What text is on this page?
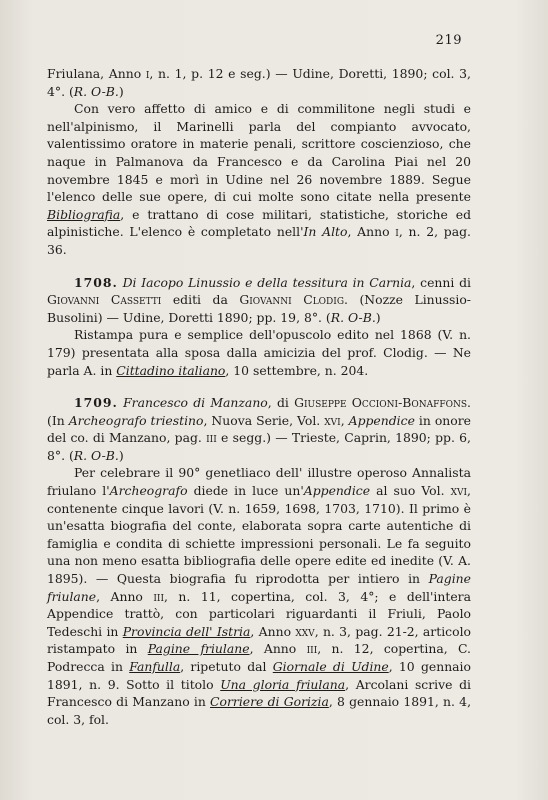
219

Friulana, Anno i, n. 1, p. 12 e seg.) — Udine, Doretti, 1890; col. 3, 4°. (R. O-B.)

Con vero affetto di amico e di commilitone negli studi e nell'alpinismo, il Marinelli parla del compianto avvocato, valentissimo oratore in materie penali, scrittore coscienzioso, che naque in Palmanova da Francesco e da Carolina Piai nel 20 novembre 1845 e morì in Udine nel 26 novembre 1889. Segue l'elenco delle sue opere, di cui molte sono citate nella presente Bibliografia, e trattano di cose militari, statistiche, storiche ed alpinistiche. L'elenco è completato nell'In Alto, Anno i, n. 2, pag. 36.

1708. Di Iacopo Linussio e della tessitura in Carnia, cenni di Giovanni Cassetti editi da Giovanni Clodig. (Nozze Linussio-Busolini) — Udine, Doretti 1890; pp. 19, 8°. (R. O-B.)

Ristampa pura e semplice dell'opuscolo edito nel 1868 (V. n. 179) presentata alla sposa dalla amicizia del prof. Clodig. — Ne parla A. in Cittadino italiano, 10 settembre, n. 204.

1709. Francesco di Manzano, di Giuseppe Occioni-Bonaffons. (In Archeografo triestino, Nuova Serie, Vol. xvi, Appendice in onore del co. di Manzano, pag. iii e segg.) — Trieste, Caprin, 1890; pp. 6, 8°. (R. O-B.)

Per celebrare il 90° genetliaco dell' illustre operoso Annalista friulano l'Archeografo diede in luce un'Appendice al suo Vol. xvi, contenente cinque lavori (V. n. 1659, 1698, 1703, 1710). Il primo è un'esatta biografia del conte, elaborata sopra carte autentiche di famiglia e condita di schiette impressioni personali. Le fa seguito una non meno esatta bibliografia delle opere edite ed inedite (V. A. 1895). — Questa biografia fu riprodotta per intiero in Pagine friulane, Anno iii, n. 11, copertina, col. 3, 4°; e dell'intera Appendice trattò, con particolari riguardanti il Friuli, Paolo Tedeschi in Provincia dell' Istria, Anno xxv, n. 3, pag. 21-2, articolo ristampato in Pagine friulane, Anno iii, n. 12, copertina, C. Podrecca in Fanfulla, ripetuto dal Giornale di Udine, 10 gennaio 1891, n. 9. Sotto il titolo Una gloria friulana, Arcolani scrive di Francesco di Manzano in Corriere di Gorizia, 8 gennaio 1891, n. 4, col. 3, fol.
